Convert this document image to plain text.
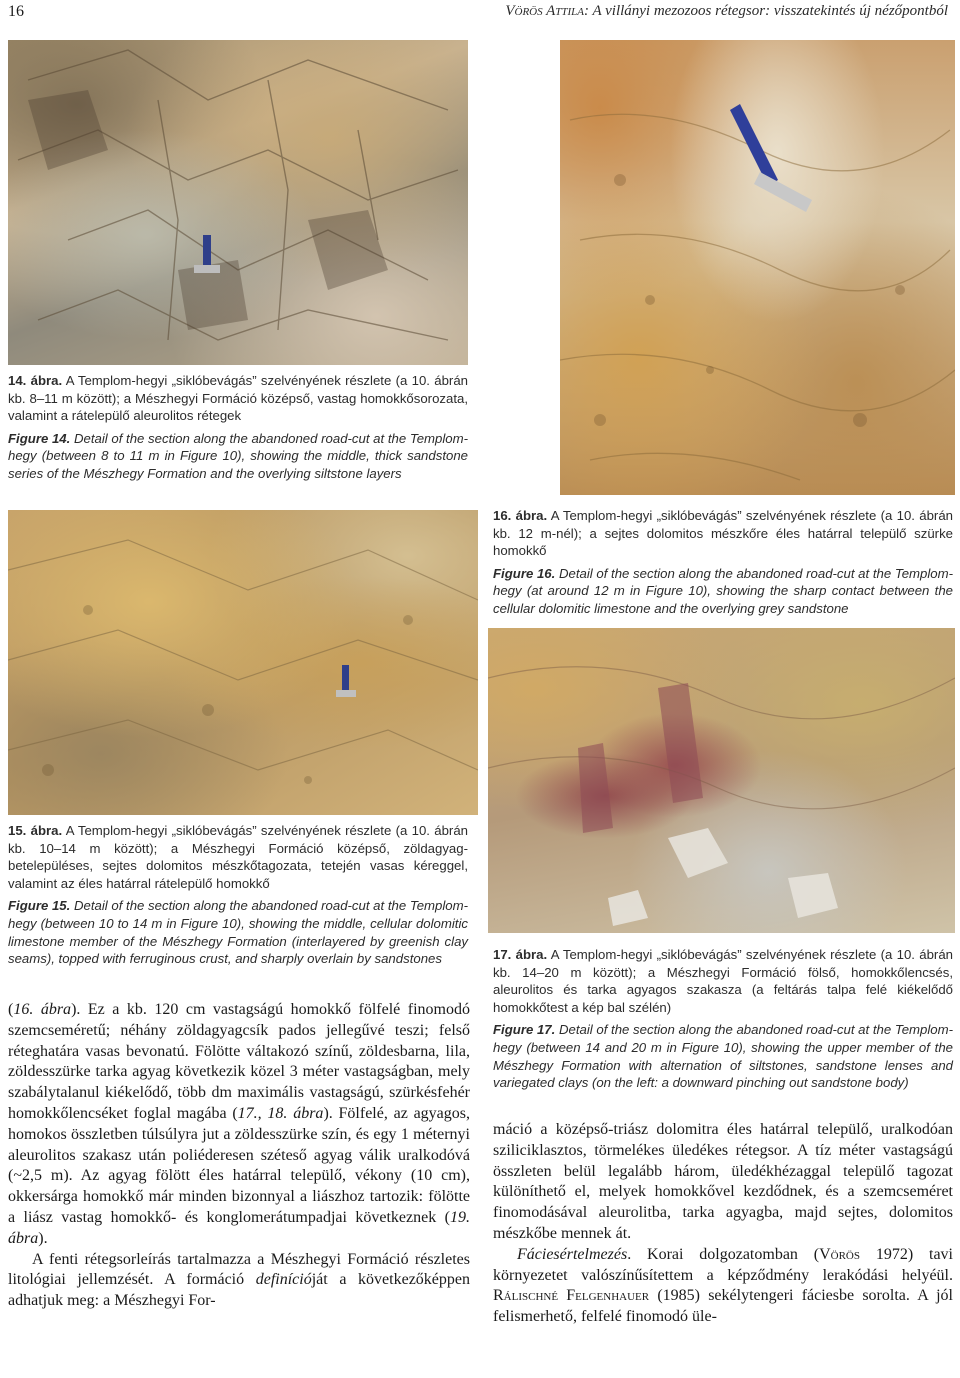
16	Vörös Attila: A villányi mezozoos rétegsor: visszatekintés új nézőpontból
14. ábra. A Templom-hegyi „siklóbevágás” szelvényének részlete (a 10. ábrán kb. 8–11 m között); a Mészhegyi Formáció középső, vastag homokkősorozata, valamint a rátelepülő aleurolitos rétegek
Figure 14. Detail of the section along the abandoned road-cut at the Templom-hegy (between 8 to 11 m in Figure 10), showing the middle, thick sandstone series of the Mészhegy Formation and the overlying siltstone layers
16. ábra. A Templom-hegyi „siklóbevágás” szelvényének részlete (a 10. ábrán kb. 12 m-nél); a sejtes dolomitos mészkőre éles határral települő szürke homokkő
Figure 16. Detail of the section along the abandoned road-cut at the Templom-hegy (at around 12 m in Figure 10), showing the sharp contact between the cellular dolomitic limestone and the overlying grey sandstone
15. ábra. A Templom-hegyi „siklóbevágás” szelvényének részlete (a 10. ábrán kb. 10–14 m között); a Mészhegyi Formáció középső, zöldagyag-betelepüléses, sejtes dolomitos mészkőtagozata, tetején vasas kéreggel, valamint az éles határral rátelepülő homokkő
Figure 15. Detail of the section along the abandoned road-cut at the Templom-hegy (between 10 to 14 m in Figure 10), showing the middle, cellular dolomitic limestone member of the Mészhegy Formation (interlayered by greenish clay seams), topped with ferruginous crust, and sharply overlain by sandstones	17. ábra. A Templom-hegyi „siklóbevágás” szelvényének részlete (a 10. ábrán kb. 14–20 m között); a Mészhegyi Formáció fölső, homokkőlencsés, aleurolitos és tarka agyagos szakasza (a feltárás talpa felé kiékelődő homokkőtest a kép bal szélén)
Figure 17. Detail of the section along the abandoned road-cut at the Templom-hegy (between 14 and 20 m in Figure 10), showing the upper member of the Mészhegy Formation with alternation of siltstones, sandstone lenses and variegated clays (on the left: a downward pinching out sandstone body)

(16. ábra). Ez a kb. 120 cm vastagságú homokkő fölfelé finomodó szemcseméretű; néhány zöldagyagcsík pados jellegűvé teszi; felső réteghatára vasas bevonatú. Fölötte váltakozó színű, zöldesbarna, lila, zöldesszürke tarka agyag következik közel 3 méter vastagságban, mely szabálytalanul kiékelődő, több dm maximális vastagságú, szürkésfehér homokkőlencséket foglal magába (17., 18. ábra). Fölfelé, az agyagos, homokos összletben túlsúlyra jut a zöldesszürke szín, és egy 1 méternyi aleurolitos szakasz után poliéderesen széteső agyag válik uralkodóvá (~2,5 m). Az agyag fölött éles határral települő, vékony (10 cm), okkersárga homokkő már minden bizonnyal a liászhoz tartozik: fölötte a liász vastag homokkő- és konglomerátumpadjai következnek (19. ábra).

A fenti rétegsorleírás tartalmazza a Mészhegyi Formáció részletes litológiai jellemzését. A formáció definícióját a következőképpen adhatjuk meg: a Mészhegyi For-

máció a középső-triász dolomitra éles határral települő, uralkodóan sziliciklasztos, törmelékes üledékes rétegsor. A tíz méter vastagságú összleten belül legalább három, üledékhézaggal települő tagozat különíthető el, melyek homokkővel kezdődnek, és a szemcseméret finomodásával aleurolitba, tarka agyagba, majd sejtes, dolomitos mészkőbe mennek át.

Fáciesértelmezés. Korai dolgozatomban (Vörös 1972) tavi környezetet valószínűsítettem a képződmény lerakódási helyéül. Rálischné Felgenhauer (1985) sekélytengeri fáciesbe sorolta. A jól felismerhető, felfelé finomodó üle-
